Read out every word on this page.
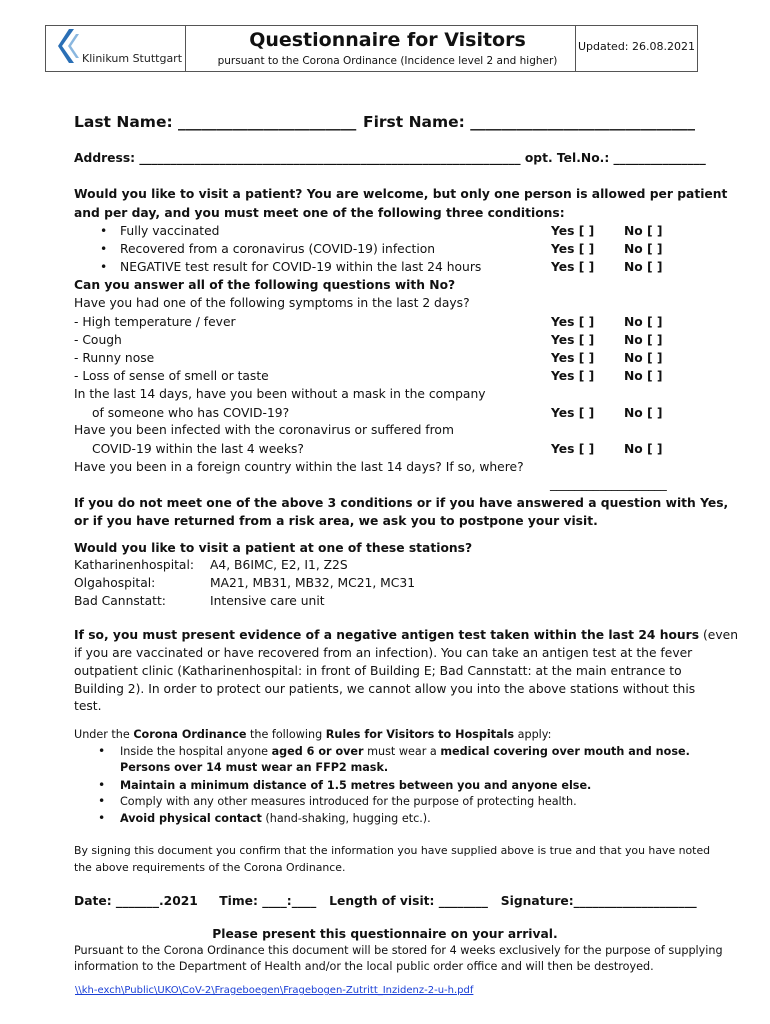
Klinikum Stuttgart
Questionnaire for Visitors
pursuant to the Corona Ordinance (Incidence level 2 and higher)
Updated: 26.08.2021
Last Name: _______________________ First Name: _____________________________
Address: ______________________________________________________________ opt. Tel.No.: _______________
Would you like to visit a patient? You are welcome, but only one person is allowed per patient
and per day, and you must meet one of the following three conditions:
• Fully vaccinated	Yes [ ] No [ ]
• Recovered from a coronavirus (COVID-19) infection	Yes [ ] No [ ]
• NEGATIVE test result for COVID-19 within the last 24 hours	Yes [ ] No [ ]
Can you answer all of the following questions with No?
Have you had one of the following symptoms in the last 2 days?
- High temperature / fever	Yes [ ] No [ ]
- Cough	Yes [ ] No [ ]
- Runny nose	Yes [ ] No [ ]
- Loss of sense of smell or taste	Yes [ ] No [ ]
In the last 14 days, have you been without a mask in the company
of someone who has COVID-19?	Yes [ ] No [ ]
Have you been infected with the coronavirus or suffered from
COVID-19 within the last 4 weeks?	Yes [ ] No [ ]
Have you been in a foreign country within the last 14 days? If so, where?
___________________
If you do not meet one of the above 3 conditions or if you have answered a question with Yes,
or if you have returned from a risk area, we ask you to postpone your visit.
Would you like to visit a patient at one of these stations?
Katharinenhospital: A4, B6IMC, E2, I1, Z2S
Olgahospital:	MA21, MB31, MB32, MC21, MC31
Bad Cannstatt:	Intensive care unit
If so, you must present evidence of a negative antigen test taken within the last 24 hours (even
if you are vaccinated or have recovered from an infection). You can take an antigen test at the fever
outpatient clinic (Katharinenhospital: in front of Building E; Bad Cannstatt: at the main entrance to
Building 2). In order to protect our patients, we cannot allow you into the above stations without this
test.
Under the Corona Ordinance the following Rules for Visitors to Hospitals apply:
• Inside the hospital anyone aged 6 or over must wear a medical covering over mouth and nose.
Persons over 14 must wear an FFP2 mask.
• Maintain a minimum distance of 1.5 metres between you and anyone else.
• Comply with any other measures introduced for the purpose of protecting health.
• Avoid physical contact (hand-shaking, hugging etc.).
By signing this document you confirm that the information you have supplied above is true and that you have noted
the above requirements of the Corona Ordinance.
Date: _______.2021     Time: ____:____   Length of visit: ________   Signature:____________________
Please present this questionnaire on your arrival.
Pursuant to the Corona Ordinance this document will be stored for 4 weeks exclusively for the purpose of supplying
information to the Department of Health and/or the local public order office and will then be destroyed.
\\kh-exch\Public\UKO\CoV-2\Frageboegen\Fragebogen-Zutritt_Inzidenz-2-u-h.pdf
